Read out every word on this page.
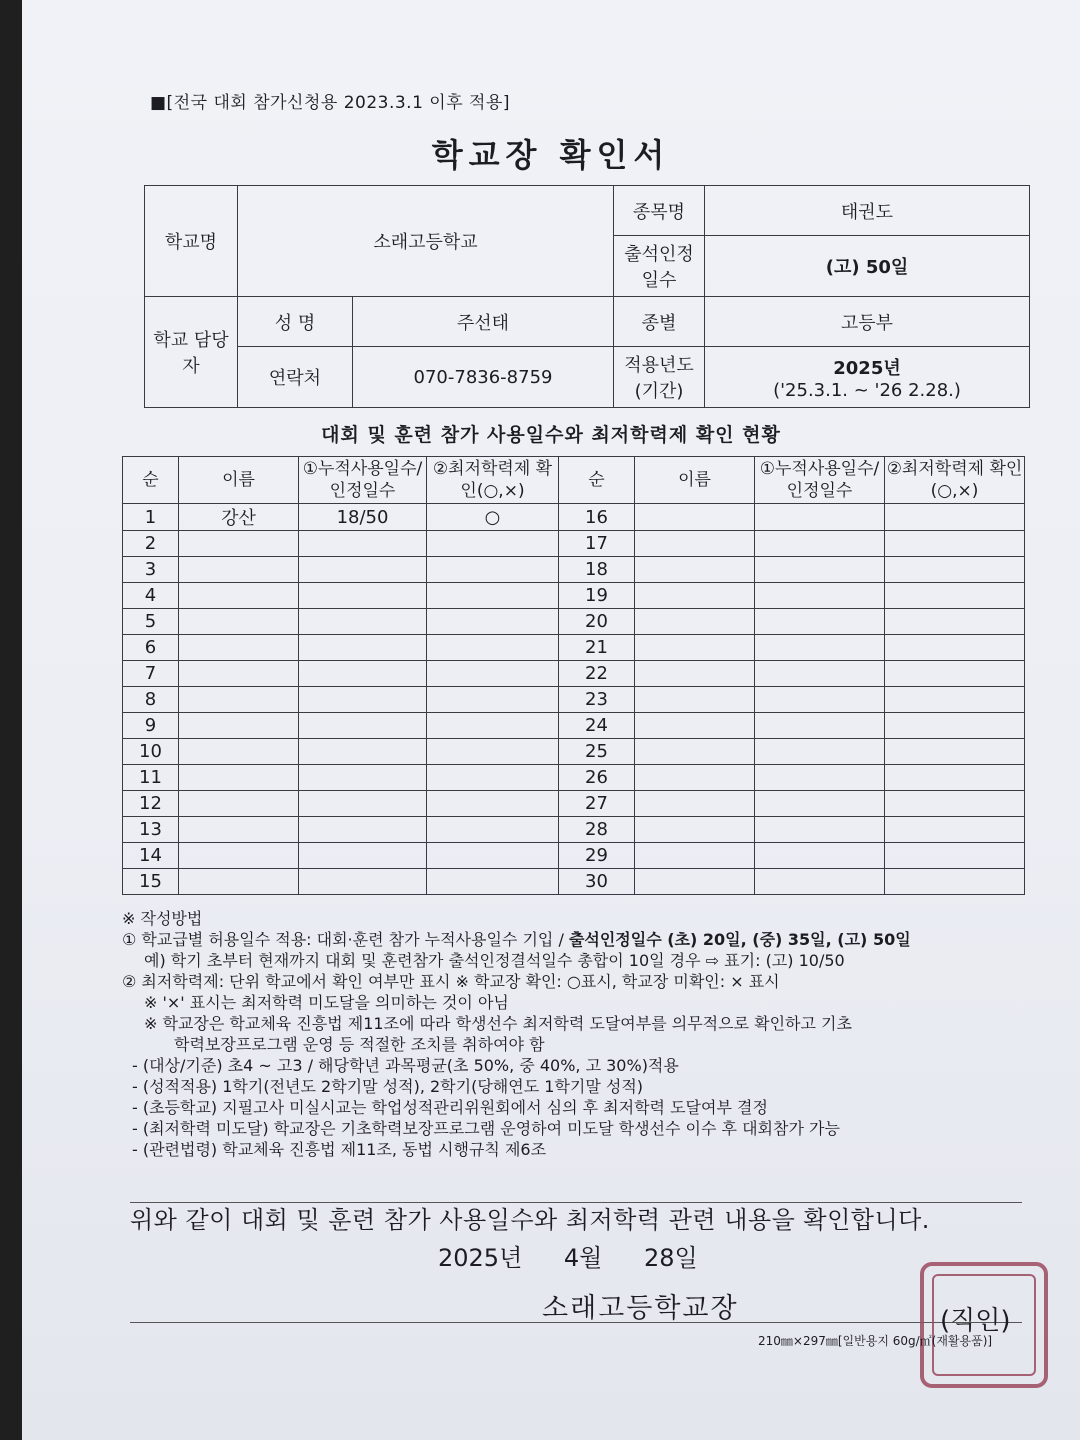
■[전국 대회 참가신청용 2023.3.1 이후 적용]
학교장 확인서
학교명	소래고등학교		종목명	태권도
			출석인정 일수	(고) 50일
학교 담당자	성 명	주선태	종별	고등부
	연락처	070-7836-8759	적용년도 (기간)	2025년
('25.3.1. ~ '26 2.28.)
대회 및 훈련 참가 사용일수와 최저학력제 확인 현황
순	이름	①누적사용일수/인정일수	②최저학력제 확인(○,×)	순	이름	①누적사용일수/인정일수	②최저학력제 확인(○,×)
1	강산	18/50	○	16			
2				17			
3				18			
4				19			
5				20			
6				21			
7				22			
8				23			
9				24			
10				25			
11				26			
12				27			
13				28			
14				29			
15				30			
※ 작성방법
① 학교급별 허용일수 적용: 대회·훈련 참가 누적사용일수 기입 / 출석인정일수 (초) 20일, (중) 35일, (고) 50일
예) 학기 초부터 현재까지 대회 및 훈련참가 출석인정결석일수 총합이 10일 경우 ⇨ 표기: (고) 10/50
② 최저학력제: 단위 학교에서 확인 여부만 표시 ※ 학교장 확인: ○표시, 학교장 미확인: × 표시
※ '×' 표시는 최저학력 미도달을 의미하는 것이 아님
※ 학교장은 학교체육 진흥법 제11조에 따라 학생선수 최저학력 도달여부를 의무적으로 확인하고 기초
학력보장프로그램 운영 등 적절한 조치를 취하여야 함
- (대상/기준) 초4 ~ 고3 / 해당학년 과목평균(초 50%, 중 40%, 고 30%)적용
- (성적적용) 1학기(전년도 2학기말 성적), 2학기(당해연도 1학기말 성적)
- (초등학교) 지필고사 미실시교는 학업성적관리위원회에서 심의 후 최저학력 도달여부 결정
- (최저학력 미도달) 학교장은 기초학력보장프로그램 운영하여 미도달 학생선수 이수 후 대회참가 가능
- (관련법령) 학교체육 진흥법 제11조, 동법 시행규칙 제6조
위와 같이 대회 및 훈련 참가 사용일수와 최저학력 관련 내용을 확인합니다.
2025년 4월 28일
소래고등학교장	(직인)
210㎜×297㎜[일반용지 60g/㎡(재활용품)]
